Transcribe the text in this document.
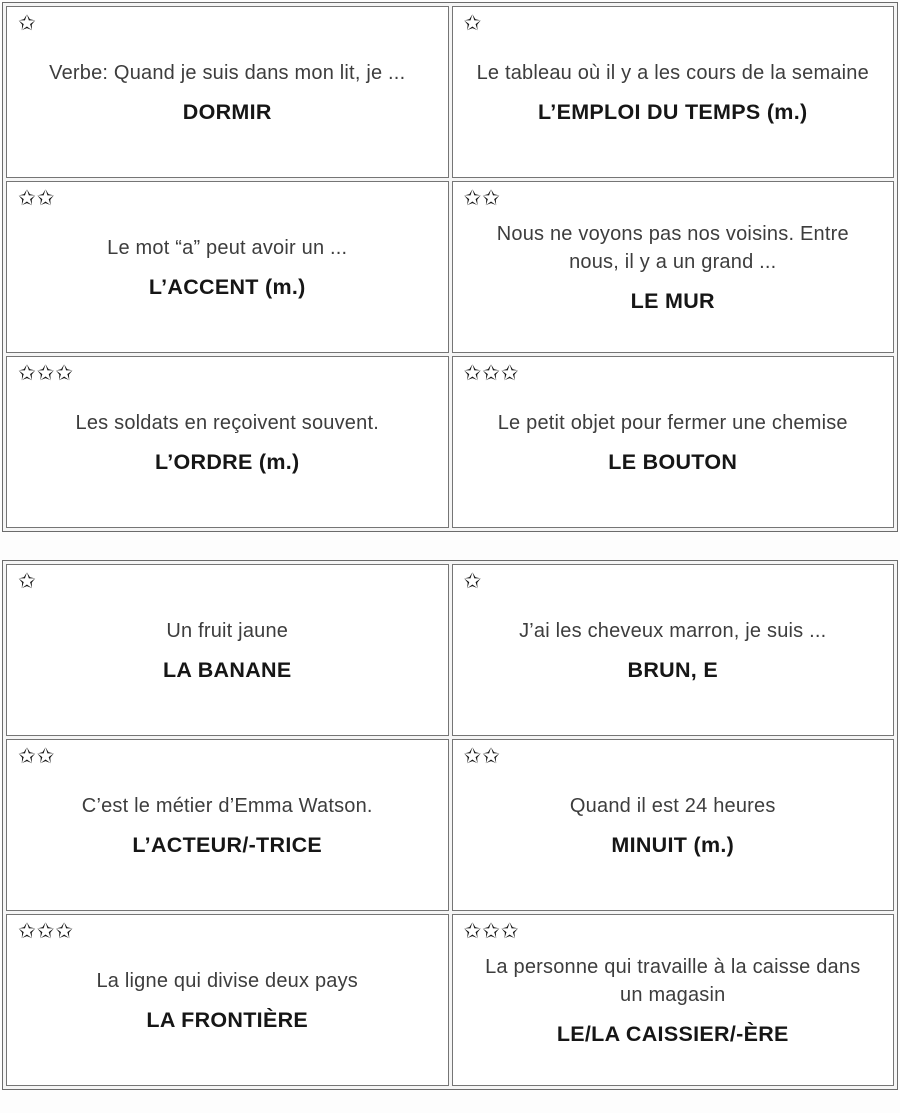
✩
Verbe: Quand je suis dans mon lit, je ...
DORMIR

✩
Le tableau où il y a les cours de la semaine
L’EMPLOI DU TEMPS (m.)

✩✩
Le mot “a” peut avoir un ...
L’ACCENT (m.)

✩✩
Nous ne voyons pas nos voisins. Entre nous, il y a un grand ...
LE MUR

✩✩✩
Les soldats en reçoivent souvent.
L’ORDRE (m.)

✩✩✩
Le petit objet pour fermer une chemise
LE BOUTON
✩
Un fruit jaune
LA BANANE

✩
J’ai les cheveux marron, je suis ...
BRUN, E

✩✩
C’est le métier d’Emma Watson.
L’ACTEUR/-TRICE

✩✩
Quand il est 24 heures
MINUIT (m.)

✩✩✩
La ligne qui divise deux pays
LA FRONTIÈRE

✩✩✩
La personne qui travaille à la caisse dans un magasin
LE/LA CAISSIER/-ÈRE
